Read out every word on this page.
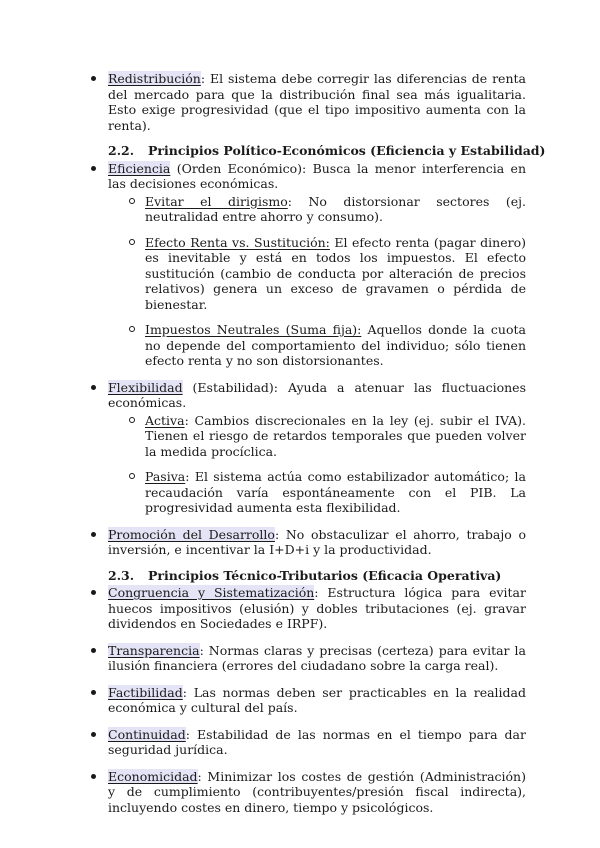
Redistribución: El sistema debe corregir las diferencias de renta del mercado para que la distribución final sea más igualitaria. Esto exige progresividad (que el tipo impositivo aumenta con la renta).
2.2. Principios Político-Económicos (Eficiencia y Estabilidad)
Eficiencia (Orden Económico): Busca la menor interferencia en las decisiones económicas.
Evitar el dirigismo: No distorsionar sectores (ej. neutralidad entre ahorro y consumo).
Efecto Renta vs. Sustitución: El efecto renta (pagar dinero) es inevitable y está en todos los impuestos. El efecto sustitución (cambio de conducta por alteración de precios relativos) genera un exceso de gravamen o pérdida de bienestar.
Impuestos Neutrales (Suma fija): Aquellos donde la cuota no depende del comportamiento del individuo; sólo tienen efecto renta y no son distorsionantes.
Flexibilidad (Estabilidad): Ayuda a atenuar las fluctuaciones económicas.
Activa: Cambios discrecionales en la ley (ej. subir el IVA). Tienen el riesgo de retardos temporales que pueden volver la medida procíclica.
Pasiva: El sistema actúa como estabilizador automático; la recaudación varía espontáneamente con el PIB. La progresividad aumenta esta flexibilidad.
Promoción del Desarrollo: No obstaculizar el ahorro, trabajo o inversión, e incentivar la I+D+i y la productividad.
2.3. Principios Técnico-Tributarios (Eficacia Operativa)
Congruencia y Sistematización: Estructura lógica para evitar huecos impositivos (elusión) y dobles tributaciones (ej. gravar dividendos en Sociedades e IRPF).
Transparencia: Normas claras y precisas (certeza) para evitar la ilusión financiera (errores del ciudadano sobre la carga real).
Factibilidad: Las normas deben ser practicables en la realidad económica y cultural del país.
Continuidad: Estabilidad de las normas en el tiempo para dar seguridad jurídica.
Economicidad: Minimizar los costes de gestión (Administración) y de cumplimiento (contribuyentes/presión fiscal indirecta), incluyendo costes en dinero, tiempo y psicológicos.
